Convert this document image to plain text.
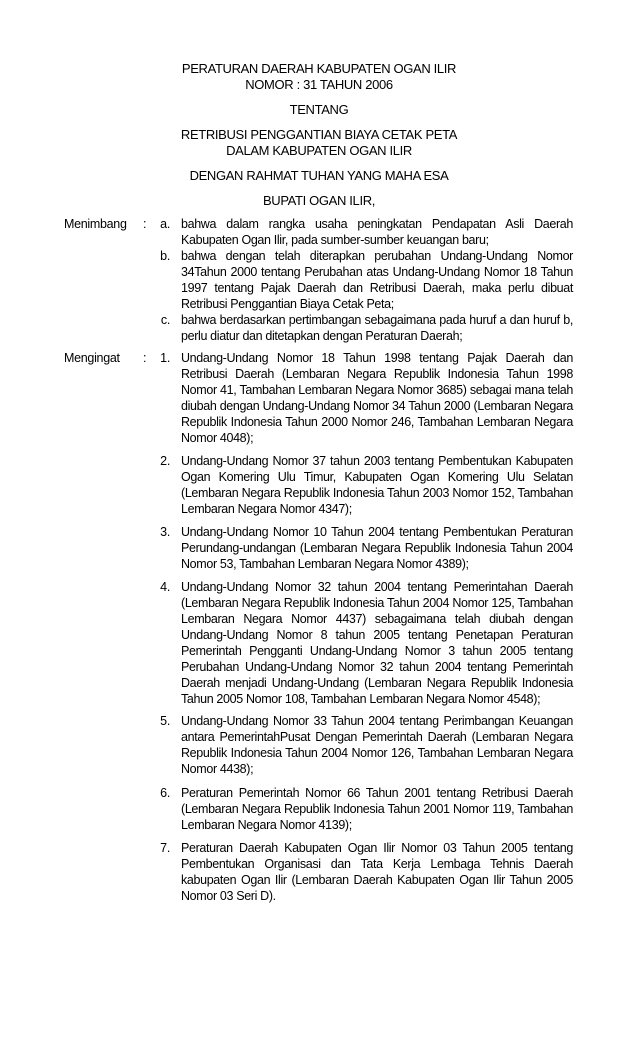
PERATURAN DAERAH KABUPATEN OGAN ILIR
NOMOR : 31 TAHUN 2006
TENTANG
RETRIBUSI PENGGANTIAN BIAYA CETAK PETA
DALAM KABUPATEN OGAN ILIR
DENGAN RAHMAT TUHAN YANG MAHA ESA
BUPATI OGAN ILIR,
Menimbang :	a. bahwa dalam rangka usaha peningkatan Pendapatan Asli Daerah Kabupaten Ogan Ilir, pada sumber-sumber keuangan baru;
b. bahwa dengan telah diterapkan perubahan Undang-Undang Nomor 34Tahun 2000 tentang Perubahan atas Undang-Undang Nomor 18 Tahun 1997 tentang Pajak Daerah dan Retribusi Daerah, maka perlu dibuat Retribusi Penggantian Biaya Cetak Peta;
c. bahwa berdasarkan pertimbangan sebagaimana pada huruf a dan huruf b, perlu diatur dan ditetapkan dengan Peraturan Daerah;
Mengingat :	1. Undang-Undang Nomor 18 Tahun 1998 tentang Pajak Daerah dan Retribusi Daerah (Lembaran Negara Republik Indonesia Tahun 1998 Nomor 41, Tambahan Lembaran Negara Nomor 3685) sebagai mana telah diubah dengan Undang-Undang Nomor 34 Tahun 2000 (Lembaran Negara Republik Indonesia Tahun 2000 Nomor 246, Tambahan Lembaran Negara Nomor 4048);
2. Undang-Undang Nomor 37 tahun 2003 tentang Pembentukan Kabupaten Ogan Komering Ulu Timur, Kabupaten Ogan Komering Ulu Selatan (Lembaran Negara Republik Indonesia Tahun 2003 Nomor 152, Tambahan Lembaran Negara Nomor 4347);
3. Undang-Undang Nomor 10 Tahun 2004 tentang Pembentukan Peraturan Perundang-undangan (Lembaran Negara Republik Indonesia Tahun 2004 Nomor 53, Tambahan Lembaran Negara Nomor 4389);
4. Undang-Undang Nomor 32 tahun 2004 tentang Pemerintahan Daerah (Lembaran Negara Republik Indonesia Tahun 2004 Nomor 125, Tambahan Lembaran Negara Nomor 4437) sebagaimana telah diubah dengan Undang-Undang Nomor 8 tahun 2005 tentang Penetapan Peraturan Pemerintah Pengganti Undang-Undang Nomor 3 tahun 2005 tentang Perubahan Undang-Undang Nomor 32 tahun 2004 tentang Pemerintah Daerah menjadi Undang-Undang (Lembaran Negara Republik Indonesia Tahun 2005 Nomor 108, Tambahan Lembaran Negara Nomor 4548);
5. Undang-Undang Nomor 33 Tahun 2004 tentang Perimbangan Keuangan antara PemerintahPusat Dengan Pemerintah Daerah (Lembaran Negara Republik Indonesia Tahun 2004 Nomor 126, Tambahan Lembaran Negara Nomor 4438);
6. Peraturan Pemerintah Nomor 66 Tahun 2001 tentang Retribusi Daerah (Lembaran Negara Republik Indonesia Tahun 2001 Nomor 119, Tambahan Lembaran Negara Nomor 4139);
7. Peraturan Daerah Kabupaten Ogan Ilir Nomor 03 Tahun 2005 tentang Pembentukan Organisasi dan Tata Kerja Lembaga Tehnis Daerah kabupaten Ogan Ilir (Lembaran Daerah Kabupaten Ogan Ilir Tahun 2005 Nomor 03 Seri D).
